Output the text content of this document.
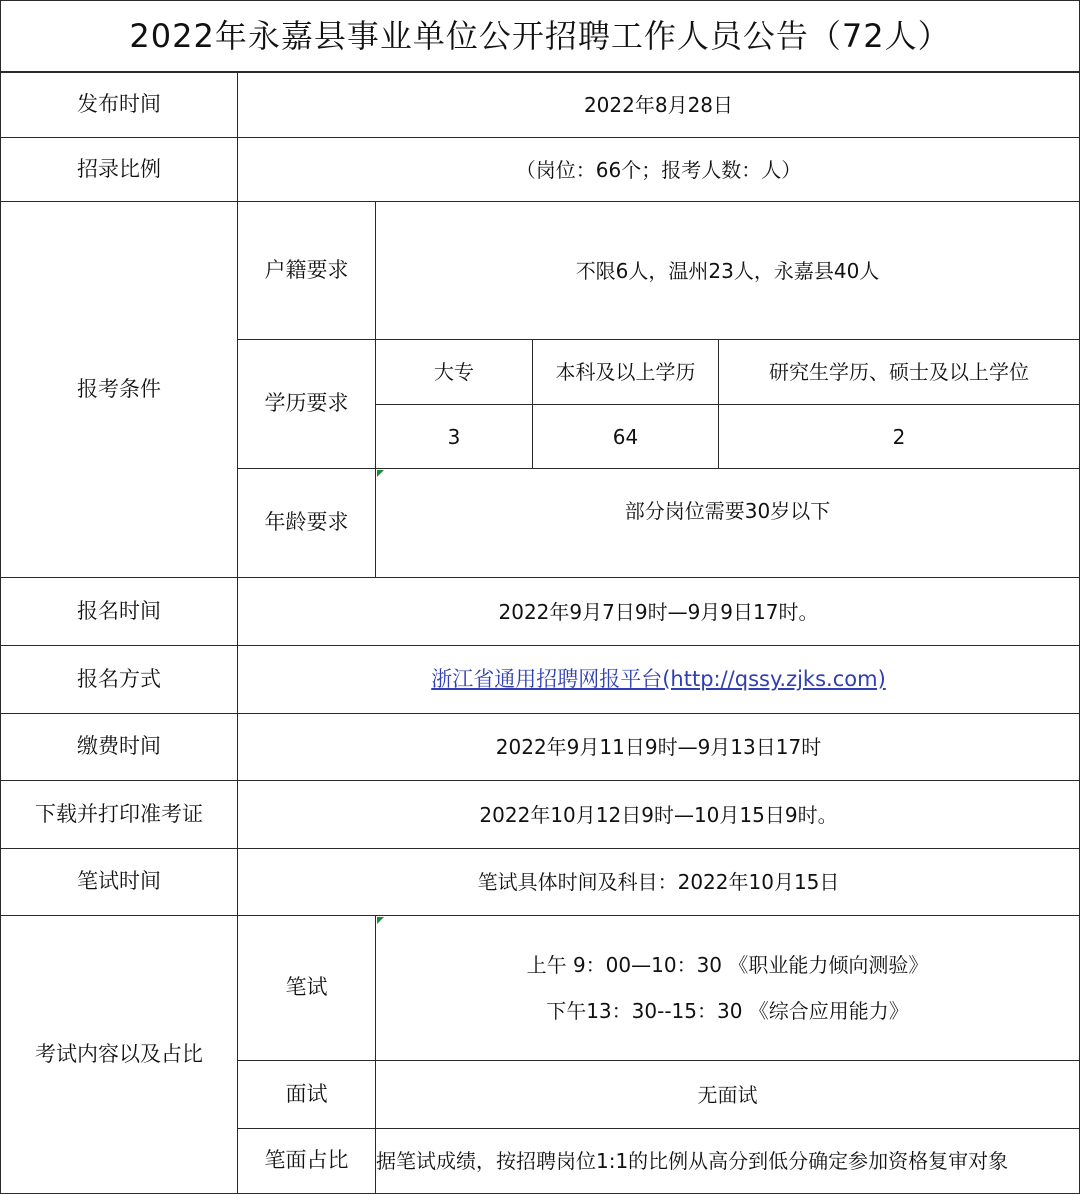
2022年永嘉县事业单位公开招聘工作人员公告（72人）
发布时间	2022年8月28日
招录比例	（岗位：66个；报考人数：人）
报考条件
户籍要求	不限6人，温州23人，永嘉县40人
学历要求
大专	本科及以上学历	研究生学历、硕士及以上学位
3	64	2
年龄要求	部分岗位需要30岁以下
报名时间	2022年9月7日9时—9月9日17时。
报名方式	浙江省通用招聘网报平台(http://qssy.zjks.com)
缴费时间	2022年9月11日9时—9月13日17时
下载并打印准考证	2022年10月12日9时—10月15日9时。
笔试时间	笔试具体时间及科目：2022年10月15日
考试内容以及占比
笔试
上午 9：00—10：30 《职业能力倾向测验》
下午13：30--15：30 《综合应用能力》
面试	无面试
笔面占比	据笔试成绩，按招聘岗位1:1的比例从高分到低分确定参加资格复审对象
